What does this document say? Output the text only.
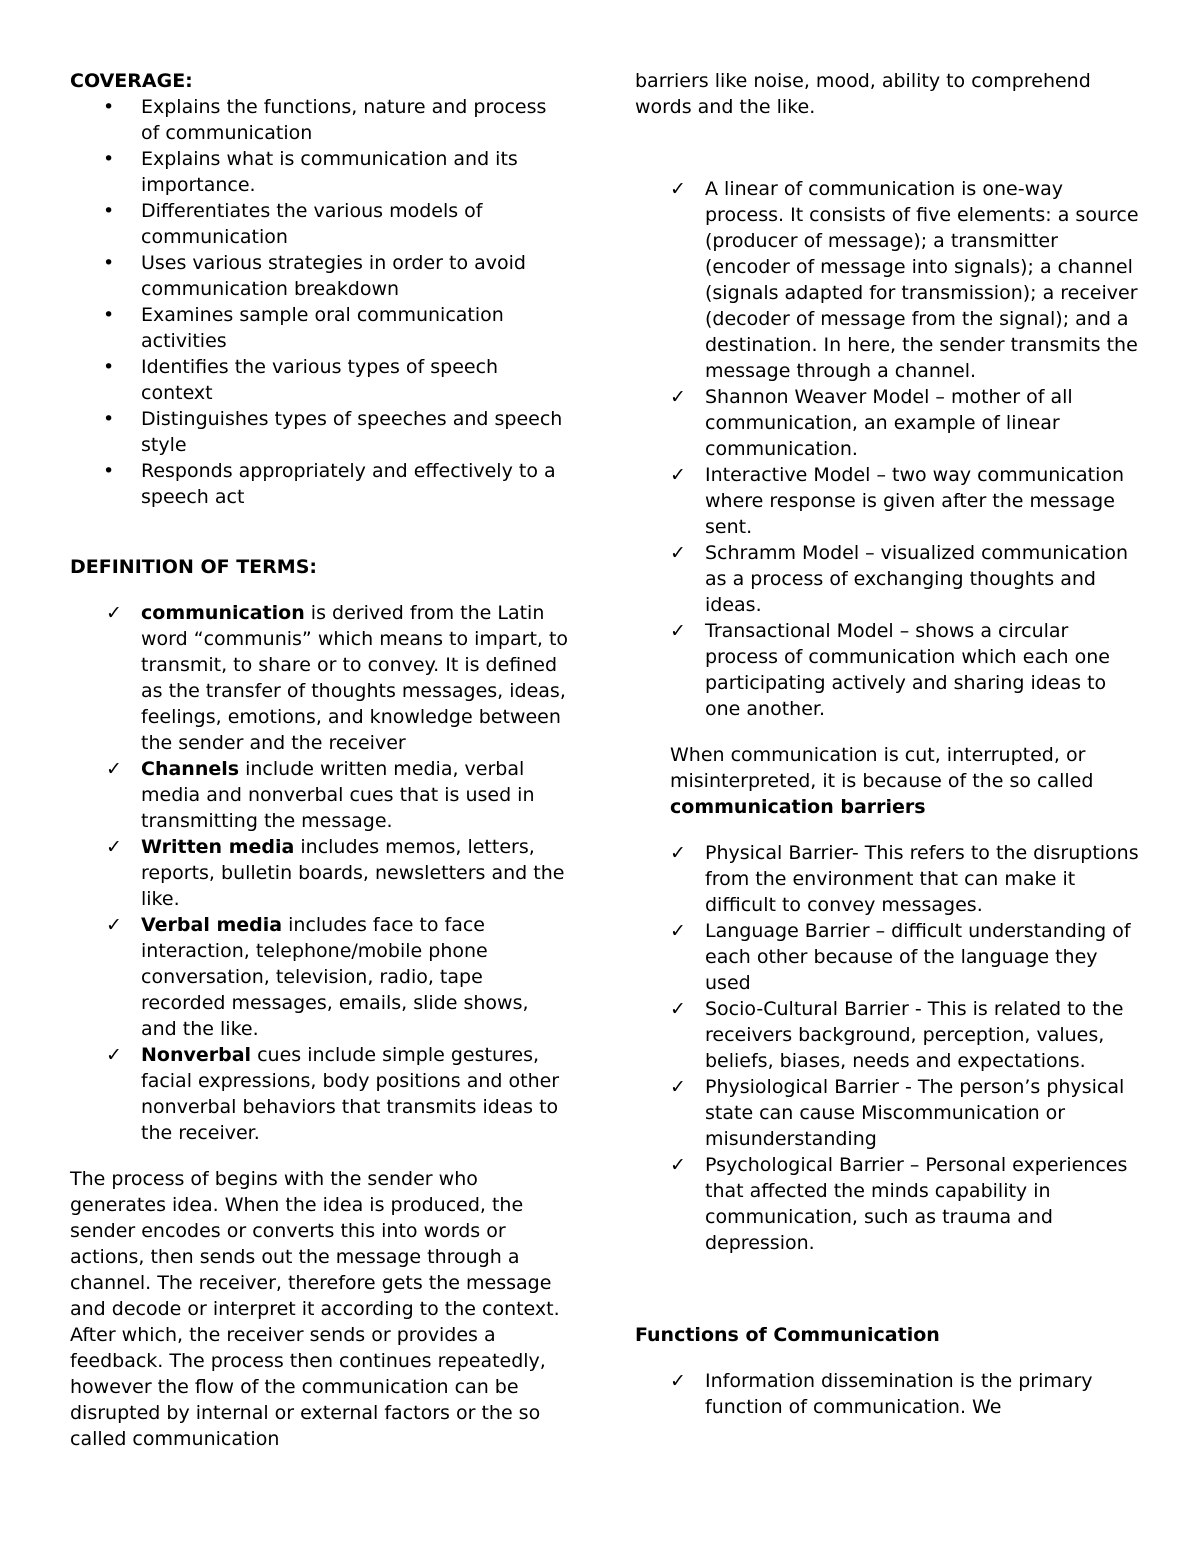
COVERAGE:

• Explains the functions, nature and process of communication
• Explains what is communication and its importance.
• Differentiates the various models of communication
• Uses various strategies in order to avoid communication breakdown
• Examines sample oral communication activities
• Identifies the various types of speech context
• Distinguishes types of speeches and speech style
• Responds appropriately and effectively to a speech act

DEFINITION OF TERMS:

✓ communication is derived from the Latin word “communis” which means to impart, to transmit, to share or to convey. It is defined as the transfer of thoughts messages, ideas, feelings, emotions, and knowledge between the sender and the receiver
✓ Channels include written media, verbal media and nonverbal cues that is used in transmitting the message.
✓ Written media includes memos, letters, reports, bulletin boards, newsletters and the like.
✓ Verbal media includes face to face interaction, telephone/mobile phone conversation, television, radio, tape recorded messages, emails, slide shows, and the like.
✓ Nonverbal cues include simple gestures, facial expressions, body positions and other nonverbal behaviors that transmits ideas to the receiver.

The process of begins with the sender who generates idea. When the idea is produced, the sender encodes or converts this into words or actions, then sends out the message through a channel. The receiver, therefore gets the message and decode or interpret it according to the context. After which, the receiver sends or provides a feedback. The process then continues repeatedly, however the flow of the communication can be disrupted by internal or external factors or the so called communication

barriers like noise, mood, ability to comprehend words and the like.

✓ A linear of communication is one-way process. It consists of five elements: a source (producer of message); a transmitter (encoder of message into signals); a channel (signals adapted for transmission); a receiver (decoder of message from the signal); and a destination. In here, the sender transmits the message through a channel.
✓ Shannon Weaver Model – mother of all communication, an example of linear communication.
✓ Interactive Model – two way communication where response is given after the message sent.
✓ Schramm Model – visualized communication as a process of exchanging thoughts and ideas.
✓ Transactional Model – shows a circular process of communication which each one participating actively and sharing ideas to one another.

When communication is cut, interrupted, or misinterpreted, it is because of the so called communication barriers

✓ Physical Barrier- This refers to the disruptions from the environment that can make it difficult to convey messages.
✓ Language Barrier – difficult understanding of each other because of the language they used
✓ Socio-Cultural Barrier - This is related to the receivers background, perception, values, beliefs, biases, needs and expectations.
✓ Physiological Barrier - The person’s physical state can cause Miscommunication or misunderstanding
✓ Psychological Barrier – Personal experiences that affected the minds capability in communication, such as trauma and depression.

Functions of Communication

✓ Information dissemination is the primary function of communication. We
